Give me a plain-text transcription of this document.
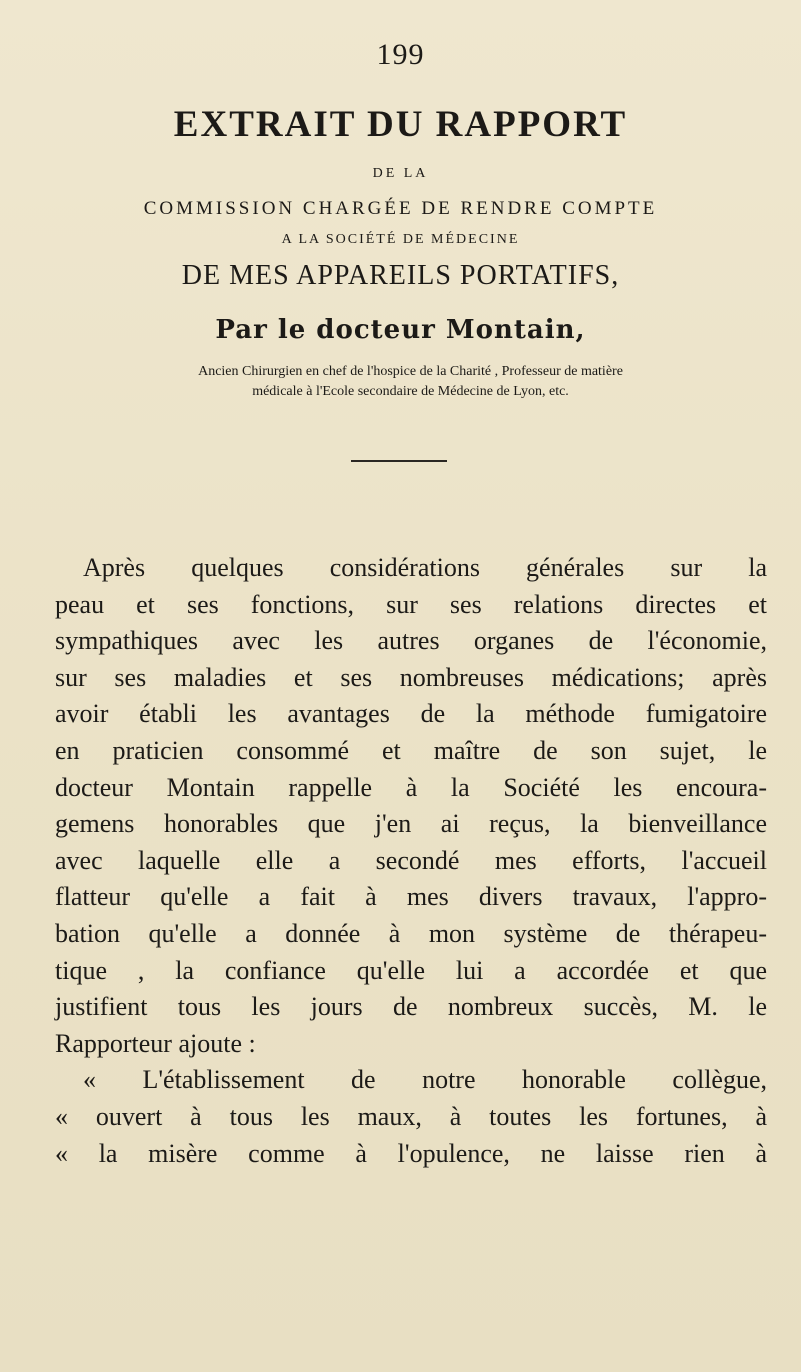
199
EXTRAIT DU RAPPORT
DE LA
COMMISSION CHARGÉE DE RENDRE COMPTE
A LA SOCIÉTÉ DE MÉDECINE
DE MES APPAREILS PORTATIFS,
Par le docteur Montain,
Ancien Chirurgien en chef de l'hospice de la Charité , Professeur de matière
médicale à l'Ecole secondaire de Médecine de Lyon, etc.
Après quelques considérations générales sur la
peau et ses fonctions, sur ses relations directes et
sympathiques avec les autres organes de l'économie,
sur ses maladies et ses nombreuses médications; après
avoir établi les avantages de la méthode fumigatoire
en praticien consommé et maître de son sujet, le
docteur Montain rappelle à la Société les encoura-
gemens honorables que j'en ai reçus, la bienveillance
avec laquelle elle a secondé mes efforts, l'accueil
flatteur qu'elle a fait à mes divers travaux, l'appro-
bation qu'elle a donnée à mon système de thérapeu-
tique , la confiance qu'elle lui a accordée et que
justifient tous les jours de nombreux succès, M. le
Rapporteur ajoute :
« L'établissement de notre honorable collègue,
« ouvert à tous les maux, à toutes les fortunes, à
« la misère comme à l'opulence, ne laisse rien à
